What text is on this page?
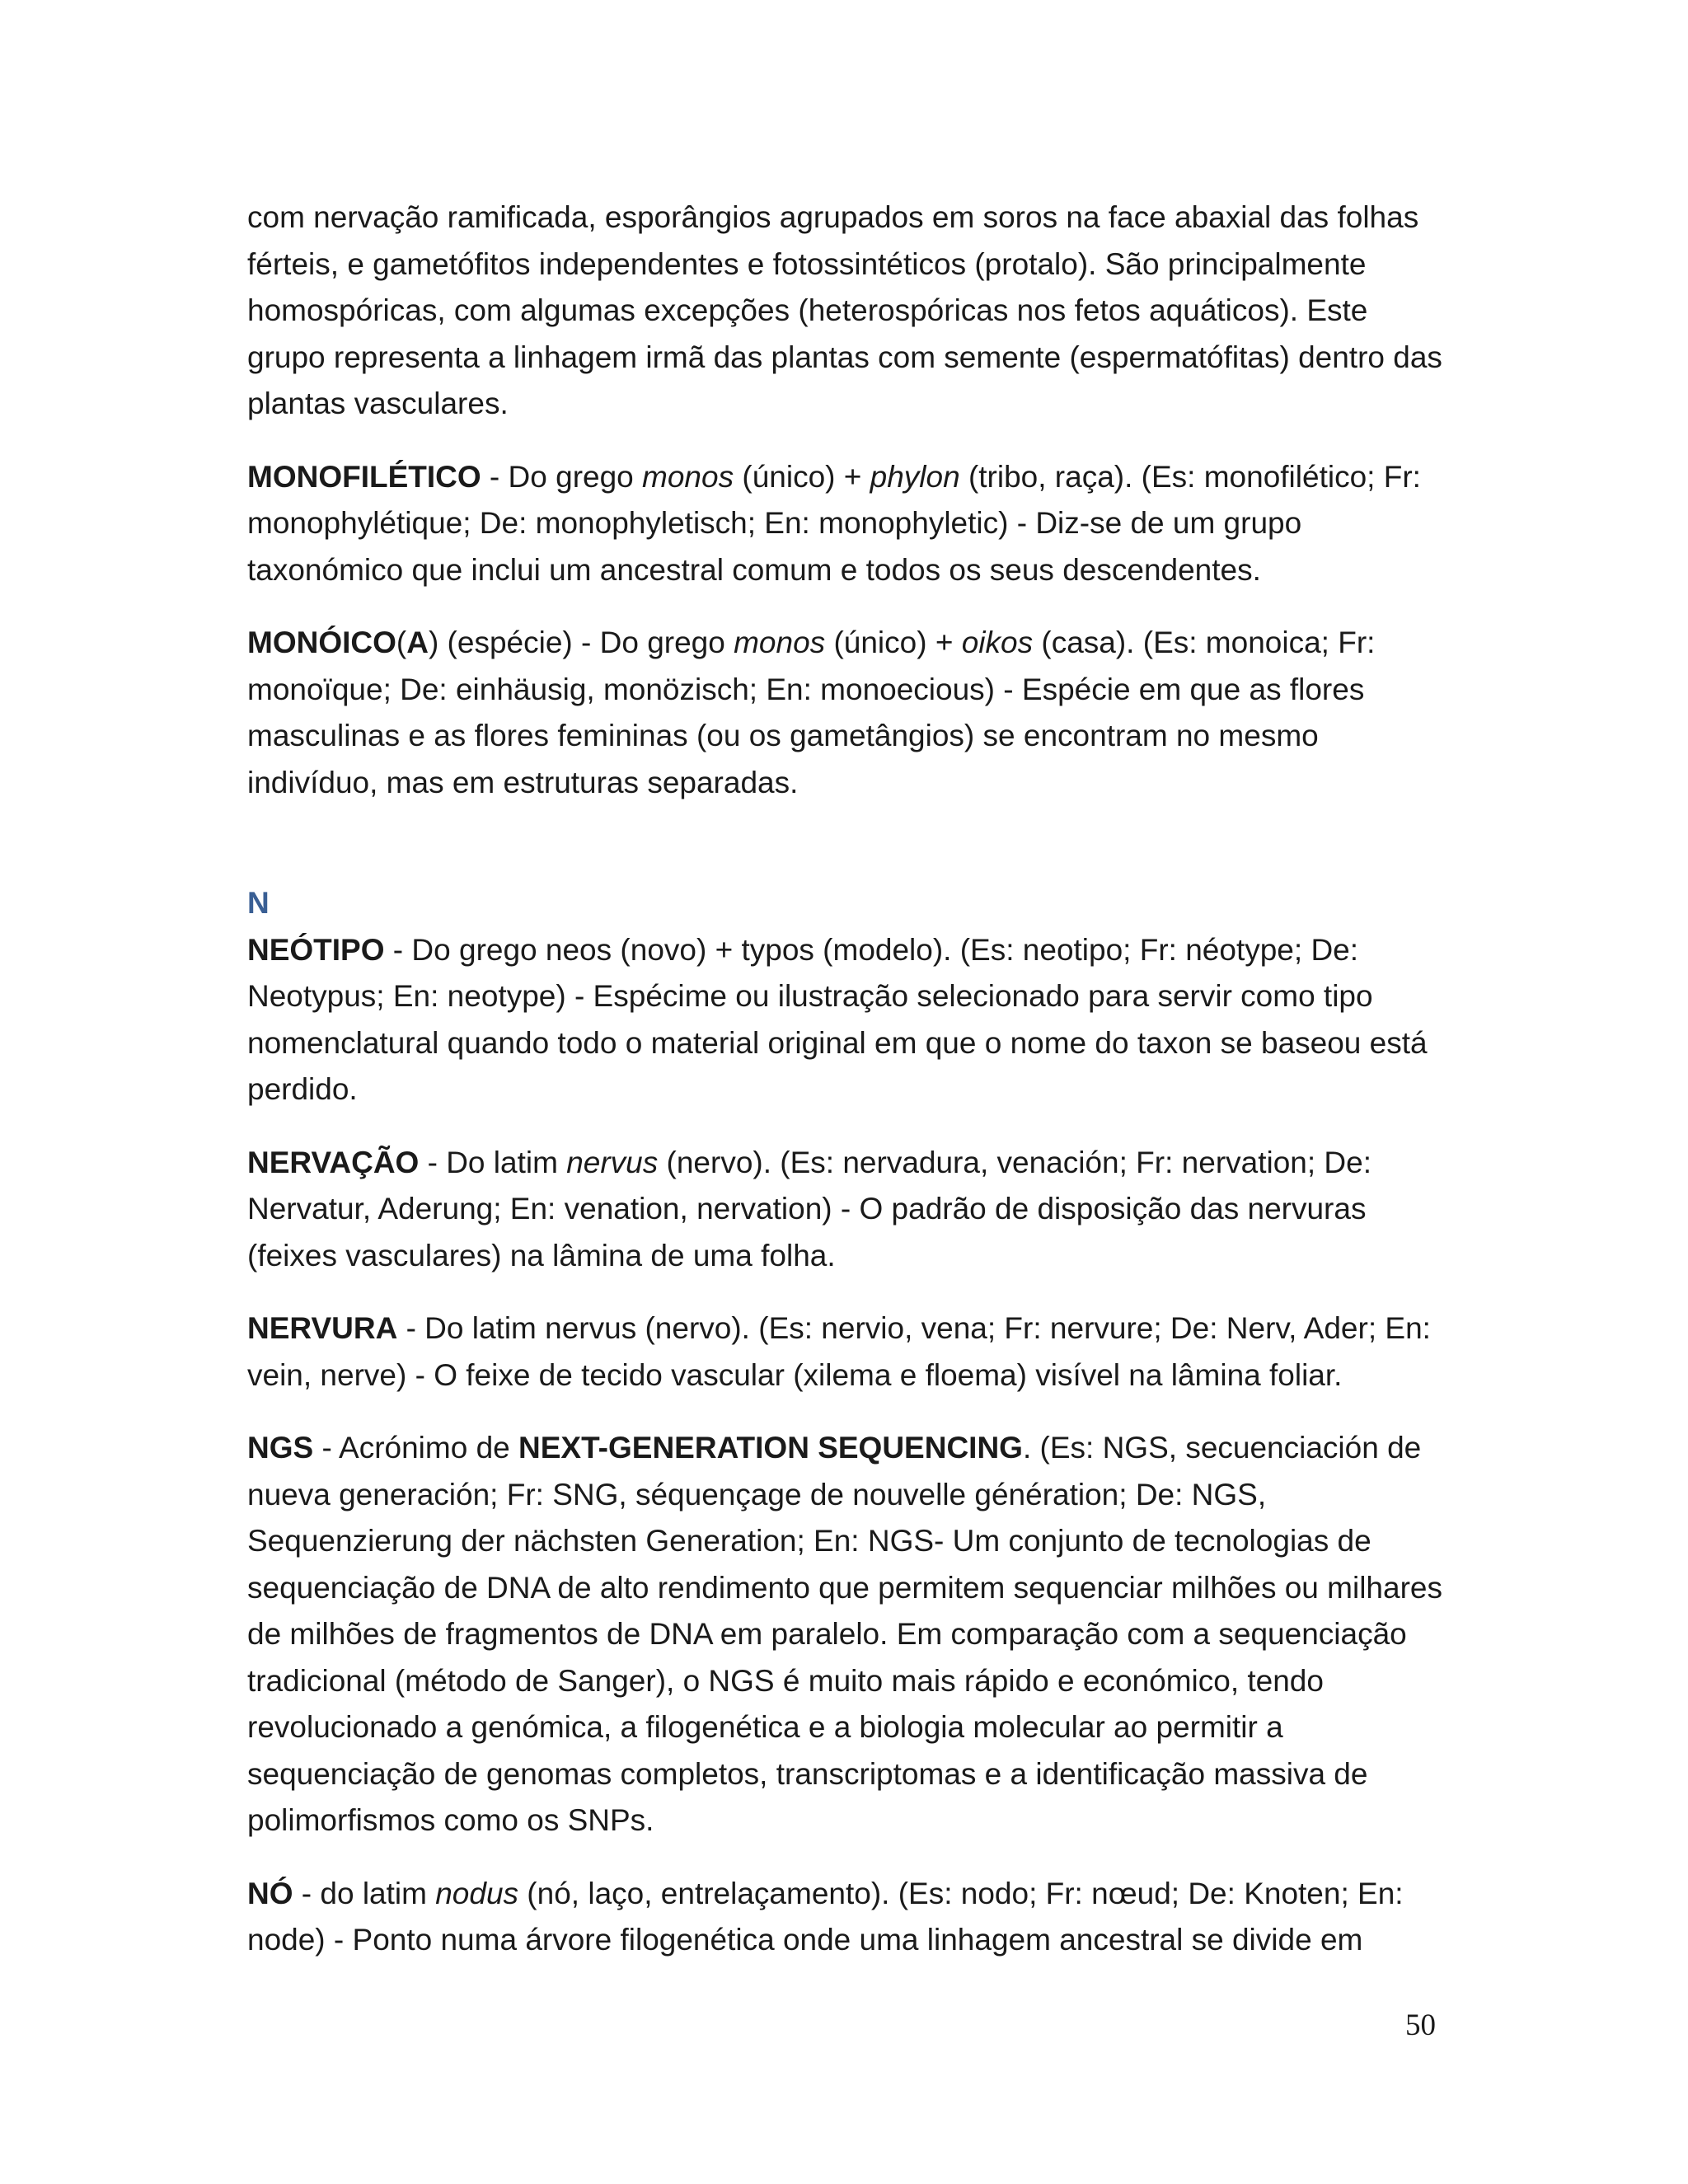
com nervação ramificada, esporângios agrupados em soros na face abaxial das folhas férteis, e gametófitos independentes e fotossintéticos (protalo). São principalmente homospóricas, com algumas excepções (heterospóricas nos fetos aquáticos). Este grupo representa a linhagem irmã das plantas com semente (espermatófitas) dentro das plantas vasculares.

MONOFILÉTICO - Do grego monos (único) + phylon (tribo, raça). (Es: monofilético; Fr: monophylétique; De: monophyletisch; En: monophyletic) - Diz-se de um grupo taxonómico que inclui um ancestral comum e todos os seus descendentes.

MONÓICO(A) (espécie) - Do grego monos (único) + oikos (casa). (Es: monoica; Fr: monoïque; De: einhäusig, monözisch; En: monoecious) - Espécie em que as flores masculinas e as flores femininas (ou os gametângios) se encontram no mesmo indivíduo, mas em estruturas separadas.

N

NEÓTIPO - Do grego neos (novo) + typos (modelo). (Es: neotipo; Fr: néotype; De: Neotypus; En: neotype) - Espécime ou ilustração selecionado para servir como tipo nomenclatural quando todo o material original em que o nome do taxon se baseou está perdido.

NERVAÇÃO - Do latim nervus (nervo). (Es: nervadura, venación; Fr: nervation; De: Nervatur, Aderung; En: venation, nervation) - O padrão de disposição das nervuras (feixes vasculares) na lâmina de uma folha.

NERVURA - Do latim nervus (nervo). (Es: nervio, vena; Fr: nervure; De: Nerv, Ader; En: vein, nerve) - O feixe de tecido vascular (xilema e floema) visível na lâmina foliar.

NGS - Acrónimo de NEXT-GENERATION SEQUENCING. (Es: NGS, secuenciación de nueva generación; Fr: SNG, séquençage de nouvelle génération; De: NGS, Sequenzierung der nächsten Generation; En: NGS- Um conjunto de tecnologias de sequenciação de DNA de alto rendimento que permitem sequenciar milhões ou milhares de milhões de fragmentos de DNA em paralelo. Em comparação com a sequenciação tradicional (método de Sanger), o NGS é muito mais rápido e económico, tendo revolucionado a genómica, a filogenética e a biologia molecular ao permitir a sequenciação de genomas completos, transcriptomas e a identificação massiva de polimorfismos como os SNPs.

NÓ - do latim nodus (nó, laço, entrelaçamento). (Es: nodo; Fr: nœud; De: Knoten; En: node) - Ponto numa árvore filogenética onde uma linhagem ancestral se divide em

50
